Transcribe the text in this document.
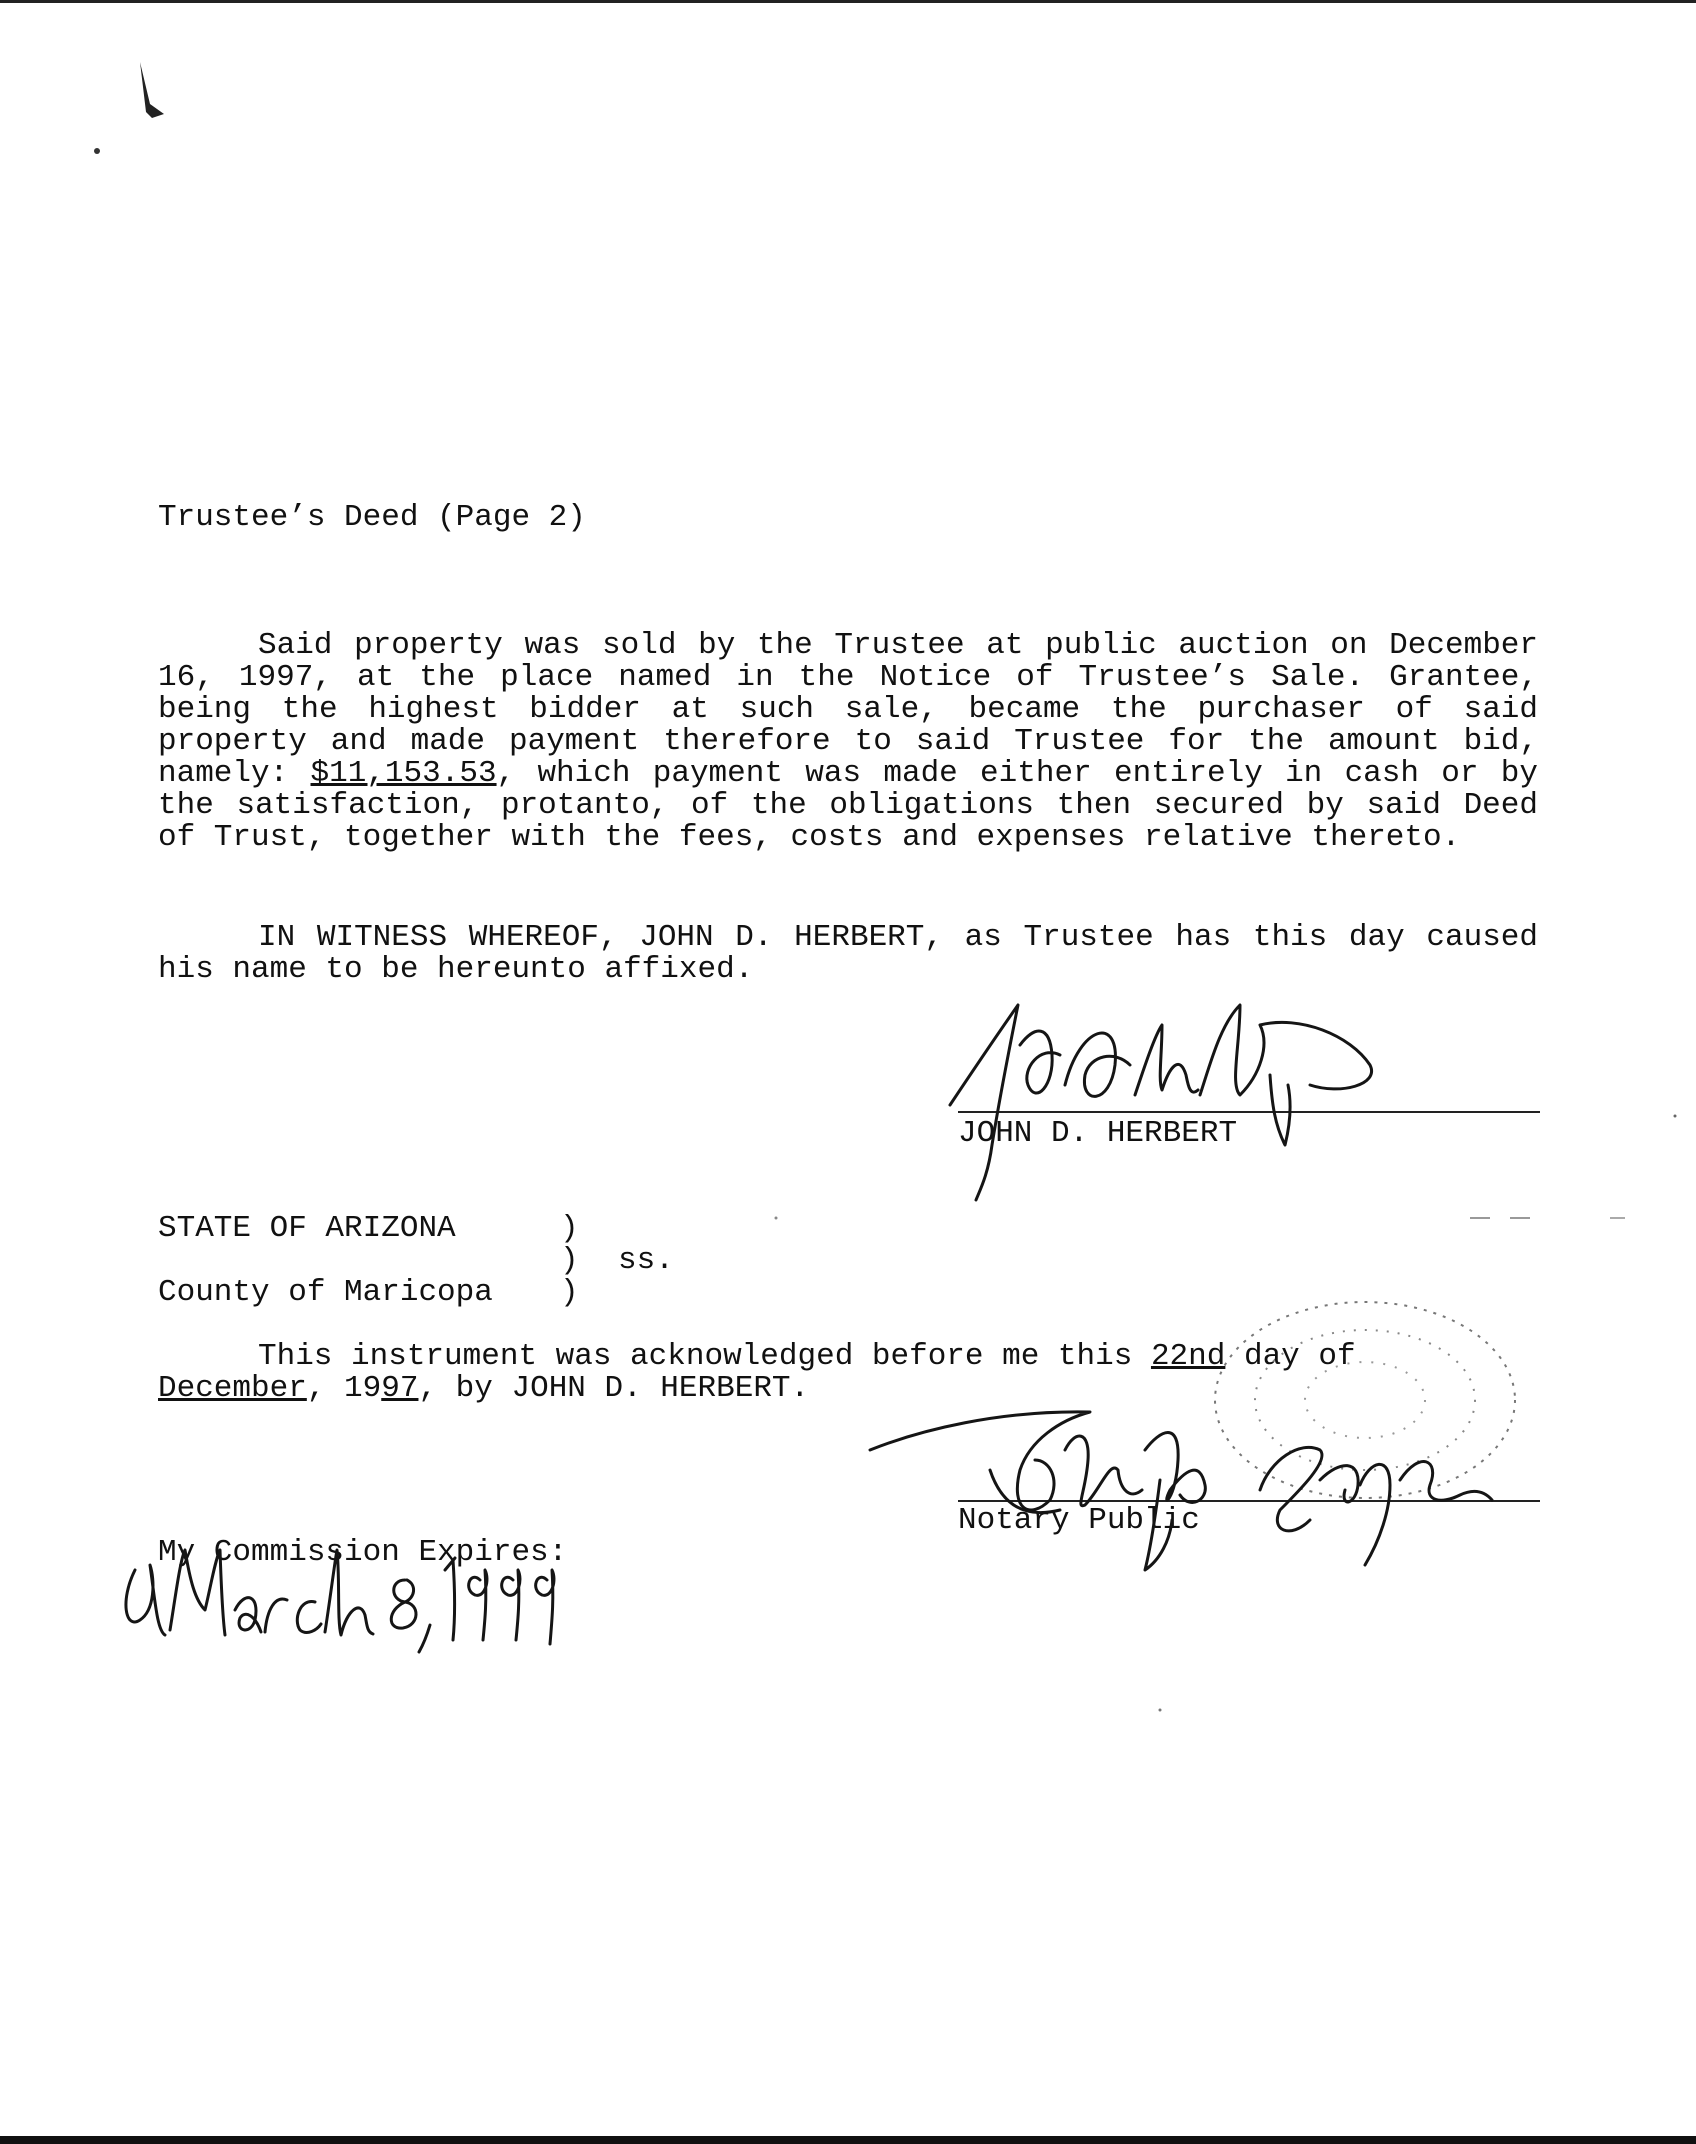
Trustee’s Deed (Page 2)
Said property was sold by the Trustee at public auction on December 16, 1997, at the place named in the Notice of Trustee’s Sale. Grantee, being the highest bidder at such sale, became the purchaser of said property and made payment therefore to said Trustee for the amount bid, namely: $11,153.53, which payment was made either entirely in cash or by the satisfaction, protanto, of the obligations then secured by said Deed of Trust, together with the fees, costs and expenses relative thereto.
IN WITNESS WHEREOF, JOHN D. HERBERT, as Trustee has this day caused his name to be hereunto affixed.
JOHN D. HERBERT
STATE OF ARIZONA	)
) ss.
County of Maricopa )
This instrument was acknowledged before me this 22nd day of
December, 1997, by JOHN D. HERBERT.
Notary Public
My Commission Expires:
March 8, 1999
